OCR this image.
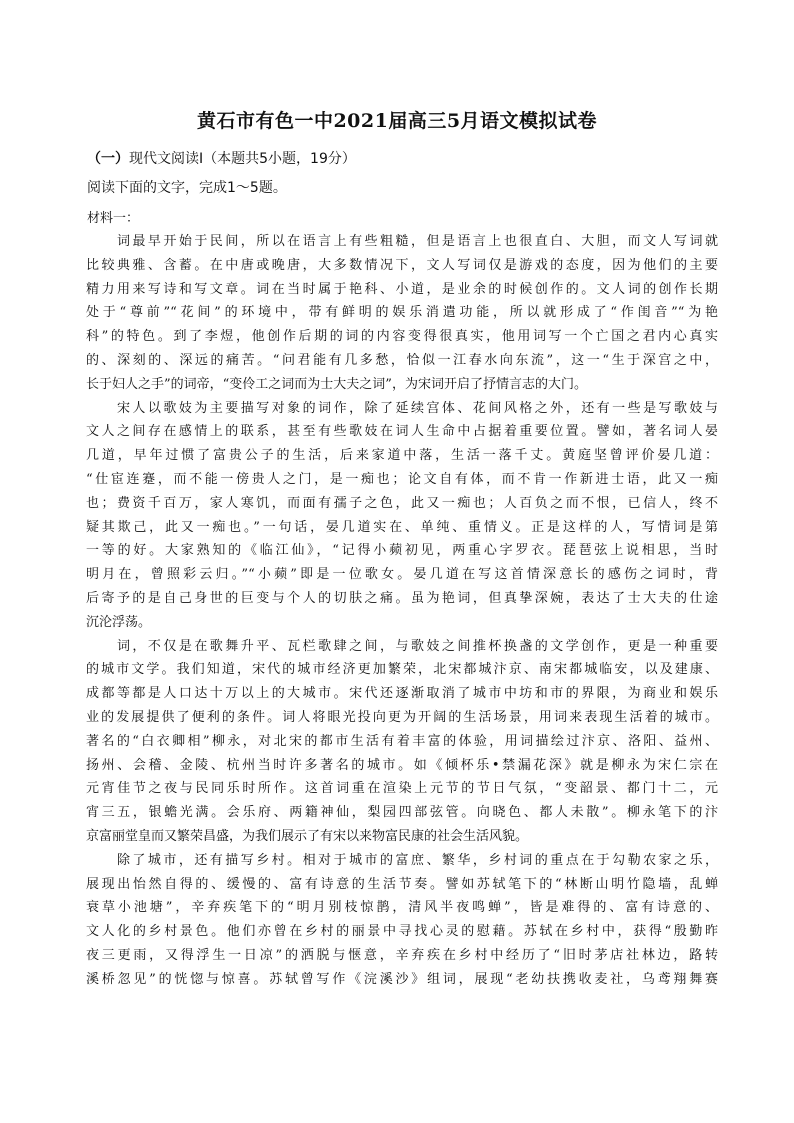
黄石市有色一中2021届高三5月语文模拟试卷
（一）现代文阅读Ⅰ（本题共5小题，19分）
阅读下面的文字，完成1～5题。
材料一：
　　词最早开始于民间，所以在语言上有些粗糙，但是语言上也很直白、大胆，而文人写词就
比较典雅、含蓄。在中唐或晚唐，大多数情况下，文人写词仅是游戏的态度，因为他们的主要
精力用来写诗和写文章。词在当时属于艳科、小道，是业余的时候创作的。文人词的创作长期
处于“尊前”“花间”的环境中，带有鲜明的娱乐消遣功能，所以就形成了“作闺音”“为艳
科”的特色。到了李煜，他创作后期的词的内容变得很真实，他用词写一个亡国之君内心真实
的、深刻的、深远的痛苦。“问君能有几多愁，恰似一江春水向东流”，这一“生于深宫之中，
长于妇人之手”的词帝，“变伶工之词而为士大夫之词”，为宋词开启了抒情言志的大门。
　　宋人以歌妓为主要描写对象的词作，除了延续宫体、花间风格之外，还有一些是写歌妓与
文人之间存在感情上的联系，甚至有些歌妓在词人生命中占据着重要位置。譬如，著名词人晏
几道，早年过惯了富贵公子的生活，后来家道中落，生活一落千丈。黄庭坚曾评价晏几道：
“仕宦连蹇，而不能一傍贵人之门，是一痴也；论文自有体，而不肯一作新进士语，此又一痴
也；费资千百万，家人寒饥，而面有孺子之色，此又一痴也；人百负之而不恨，已信人，终不
疑其欺己，此又一痴也。”一句话，晏几道实在、单纯、重情义。正是这样的人，写情词是第
一等的好。大家熟知的《临江仙》，“记得小𬞟初见，两重心字罗衣。琵琶弦上说相思，当时
明月在，曾照彩云归。”“小𬞟”即是一位歌女。晏几道在写这首情深意长的感伤之词时，背
后寄予的是自己身世的巨变与个人的切肤之痛。虽为艳词，但真挚深婉，表达了士大夫的仕途
沉沦浮荡。
　　词，不仅是在歌舞升平、瓦栏歌肆之间，与歌妓之间推杯换盏的文学创作，更是一种重要
的城市文学。我们知道，宋代的城市经济更加繁荣，北宋都城汴京、南宋都城临安，以及建康、
成都等都是人口达十万以上的大城市。宋代还逐渐取消了城市中坊和市的界限，为商业和娱乐
业的发展提供了便利的条件。词人将眼光投向更为开阔的生活场景，用词来表现生活着的城市。
著名的“白衣卿相”柳永，对北宋的都市生活有着丰富的体验，用词描绘过汴京、洛阳、益州、
扬州、会稽、金陵、杭州当时许多著名的城市。如《倾杯乐•禁漏花深》就是柳永为宋仁宗在
元宵佳节之夜与民同乐时所作。这首词重在渲染上元节的节日气氛，“变韶景、都门十二，元
宵三五，银蟾光满。会乐府、两籍神仙，梨园四部弦管。向晓色、都人未散”。柳永笔下的汴
京富丽堂皇而又繁荣昌盛，为我们展示了有宋以来物富民康的社会生活风貌。
　　除了城市，还有描写乡村。相对于城市的富庶、繁华，乡村词的重点在于勾勒农家之乐，
展现出怡然自得的、缓慢的、富有诗意的生活节奏。譬如苏轼笔下的“林断山明竹隐墙，乱蝉
衰草小池塘”，辛弃疾笔下的“明月别枝惊鹊，清风半夜鸣蝉”，皆是难得的、富有诗意的、
文人化的乡村景色。他们亦曾在乡村的丽景中寻找心灵的慰藉。苏轼在乡村中，获得“殷勤昨
夜三更雨，又得浮生一日凉”的洒脱与惬意，辛弃疾在乡村中经历了“旧时茅店社林边，路转
溪桥忽见”的恍惚与惊喜。苏轼曾写作《浣溪沙》组词，展现“老幼扶携收麦社，乌鸢翔舞赛
